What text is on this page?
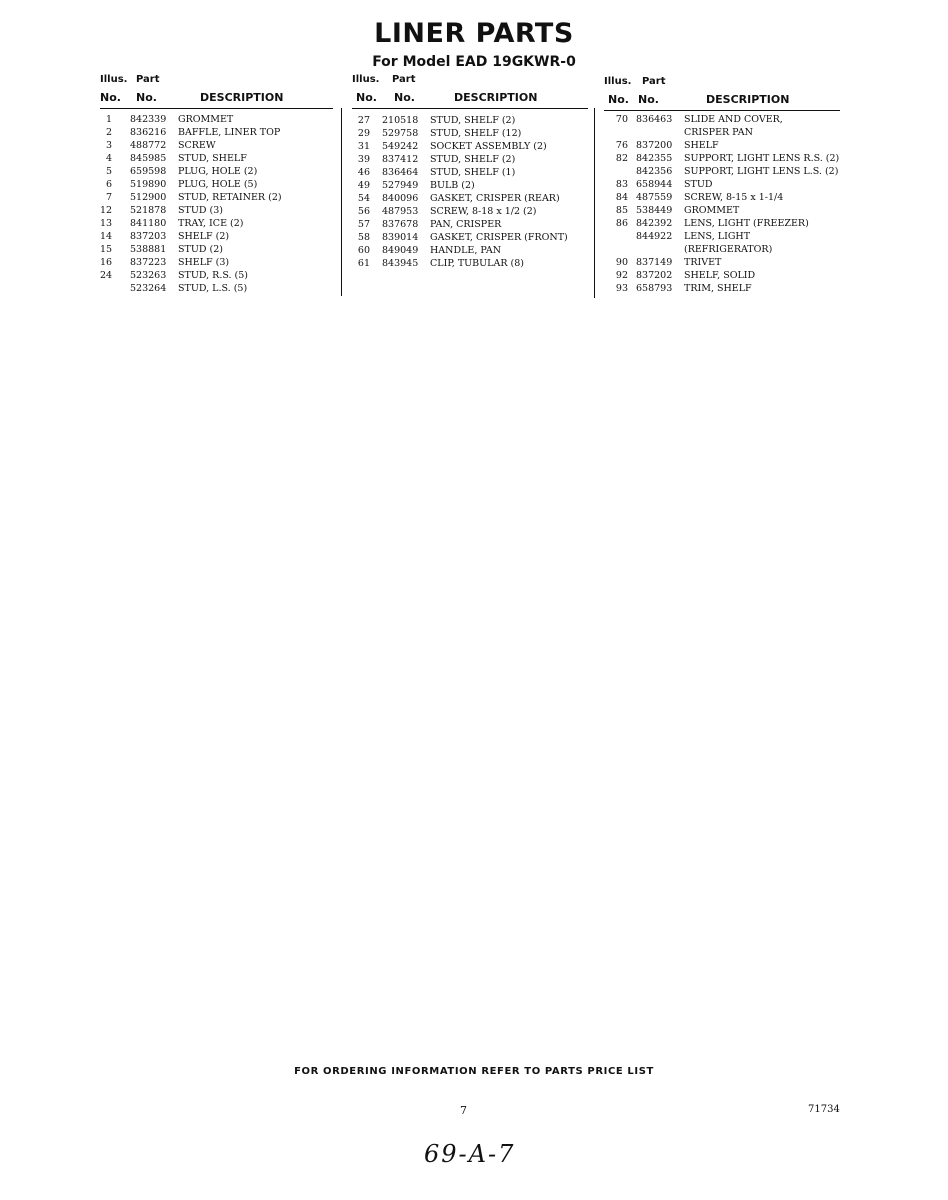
LINER PARTS
For Model EAD 19GKWR-0
Illus. Part
No. No.	DESCRIPTION
1 842339 GROMMET
2 836216 BAFFLE, LINER TOP
3 488772 SCREW
4 845985 STUD, SHELF
5 659598 PLUG, HOLE (2)
6 519890 PLUG, HOLE (5)
7 512900 STUD, RETAINER (2)
12 521878 STUD (3)
13 841180 TRAY, ICE (2)
14 837203 SHELF (2)
15 538881 STUD (2)
16 837223 SHELF (3)
24 523263 STUD, R.S. (5)
523264 STUD, L.S. (5)
Illus. Part
No. No.	DESCRIPTION
27 210518 STUD, SHELF (2)
29 529758 STUD, SHELF (12)
31 549242 SOCKET ASSEMBLY (2)
39 837412 STUD, SHELF (2)
46 836464 STUD, SHELF (1)
49 527949 BULB (2)
54 840096 GASKET, CRISPER (REAR)
56 487953 SCREW, 8-18 x 1/2 (2)
57 837678 PAN, CRISPER
58 839014 GASKET, CRISPER (FRONT)
60 849049 HANDLE, PAN
61 843945 CLIP, TUBULAR (8)
Illus. Part
No. No.	DESCRIPTION
70 836463 SLIDE AND COVER,
CRISPER PAN
76 837200 SHELF
82 842355 SUPPORT, LIGHT LENS R.S. (2)
842356 SUPPORT, LIGHT LENS L.S. (2)
83 658944 STUD
84 487559 SCREW, 8-15 x 1-1/4
85 538449 GROMMET
86 842392 LENS, LIGHT (FREEZER)
844922 LENS, LIGHT
(REFRIGERATOR)
90 837149 TRIVET
92 837202 SHELF, SOLID
93 658793 TRIM, SHELF
FOR ORDERING INFORMATION REFER TO PARTS PRICE LIST
7	71734
69-A-7
